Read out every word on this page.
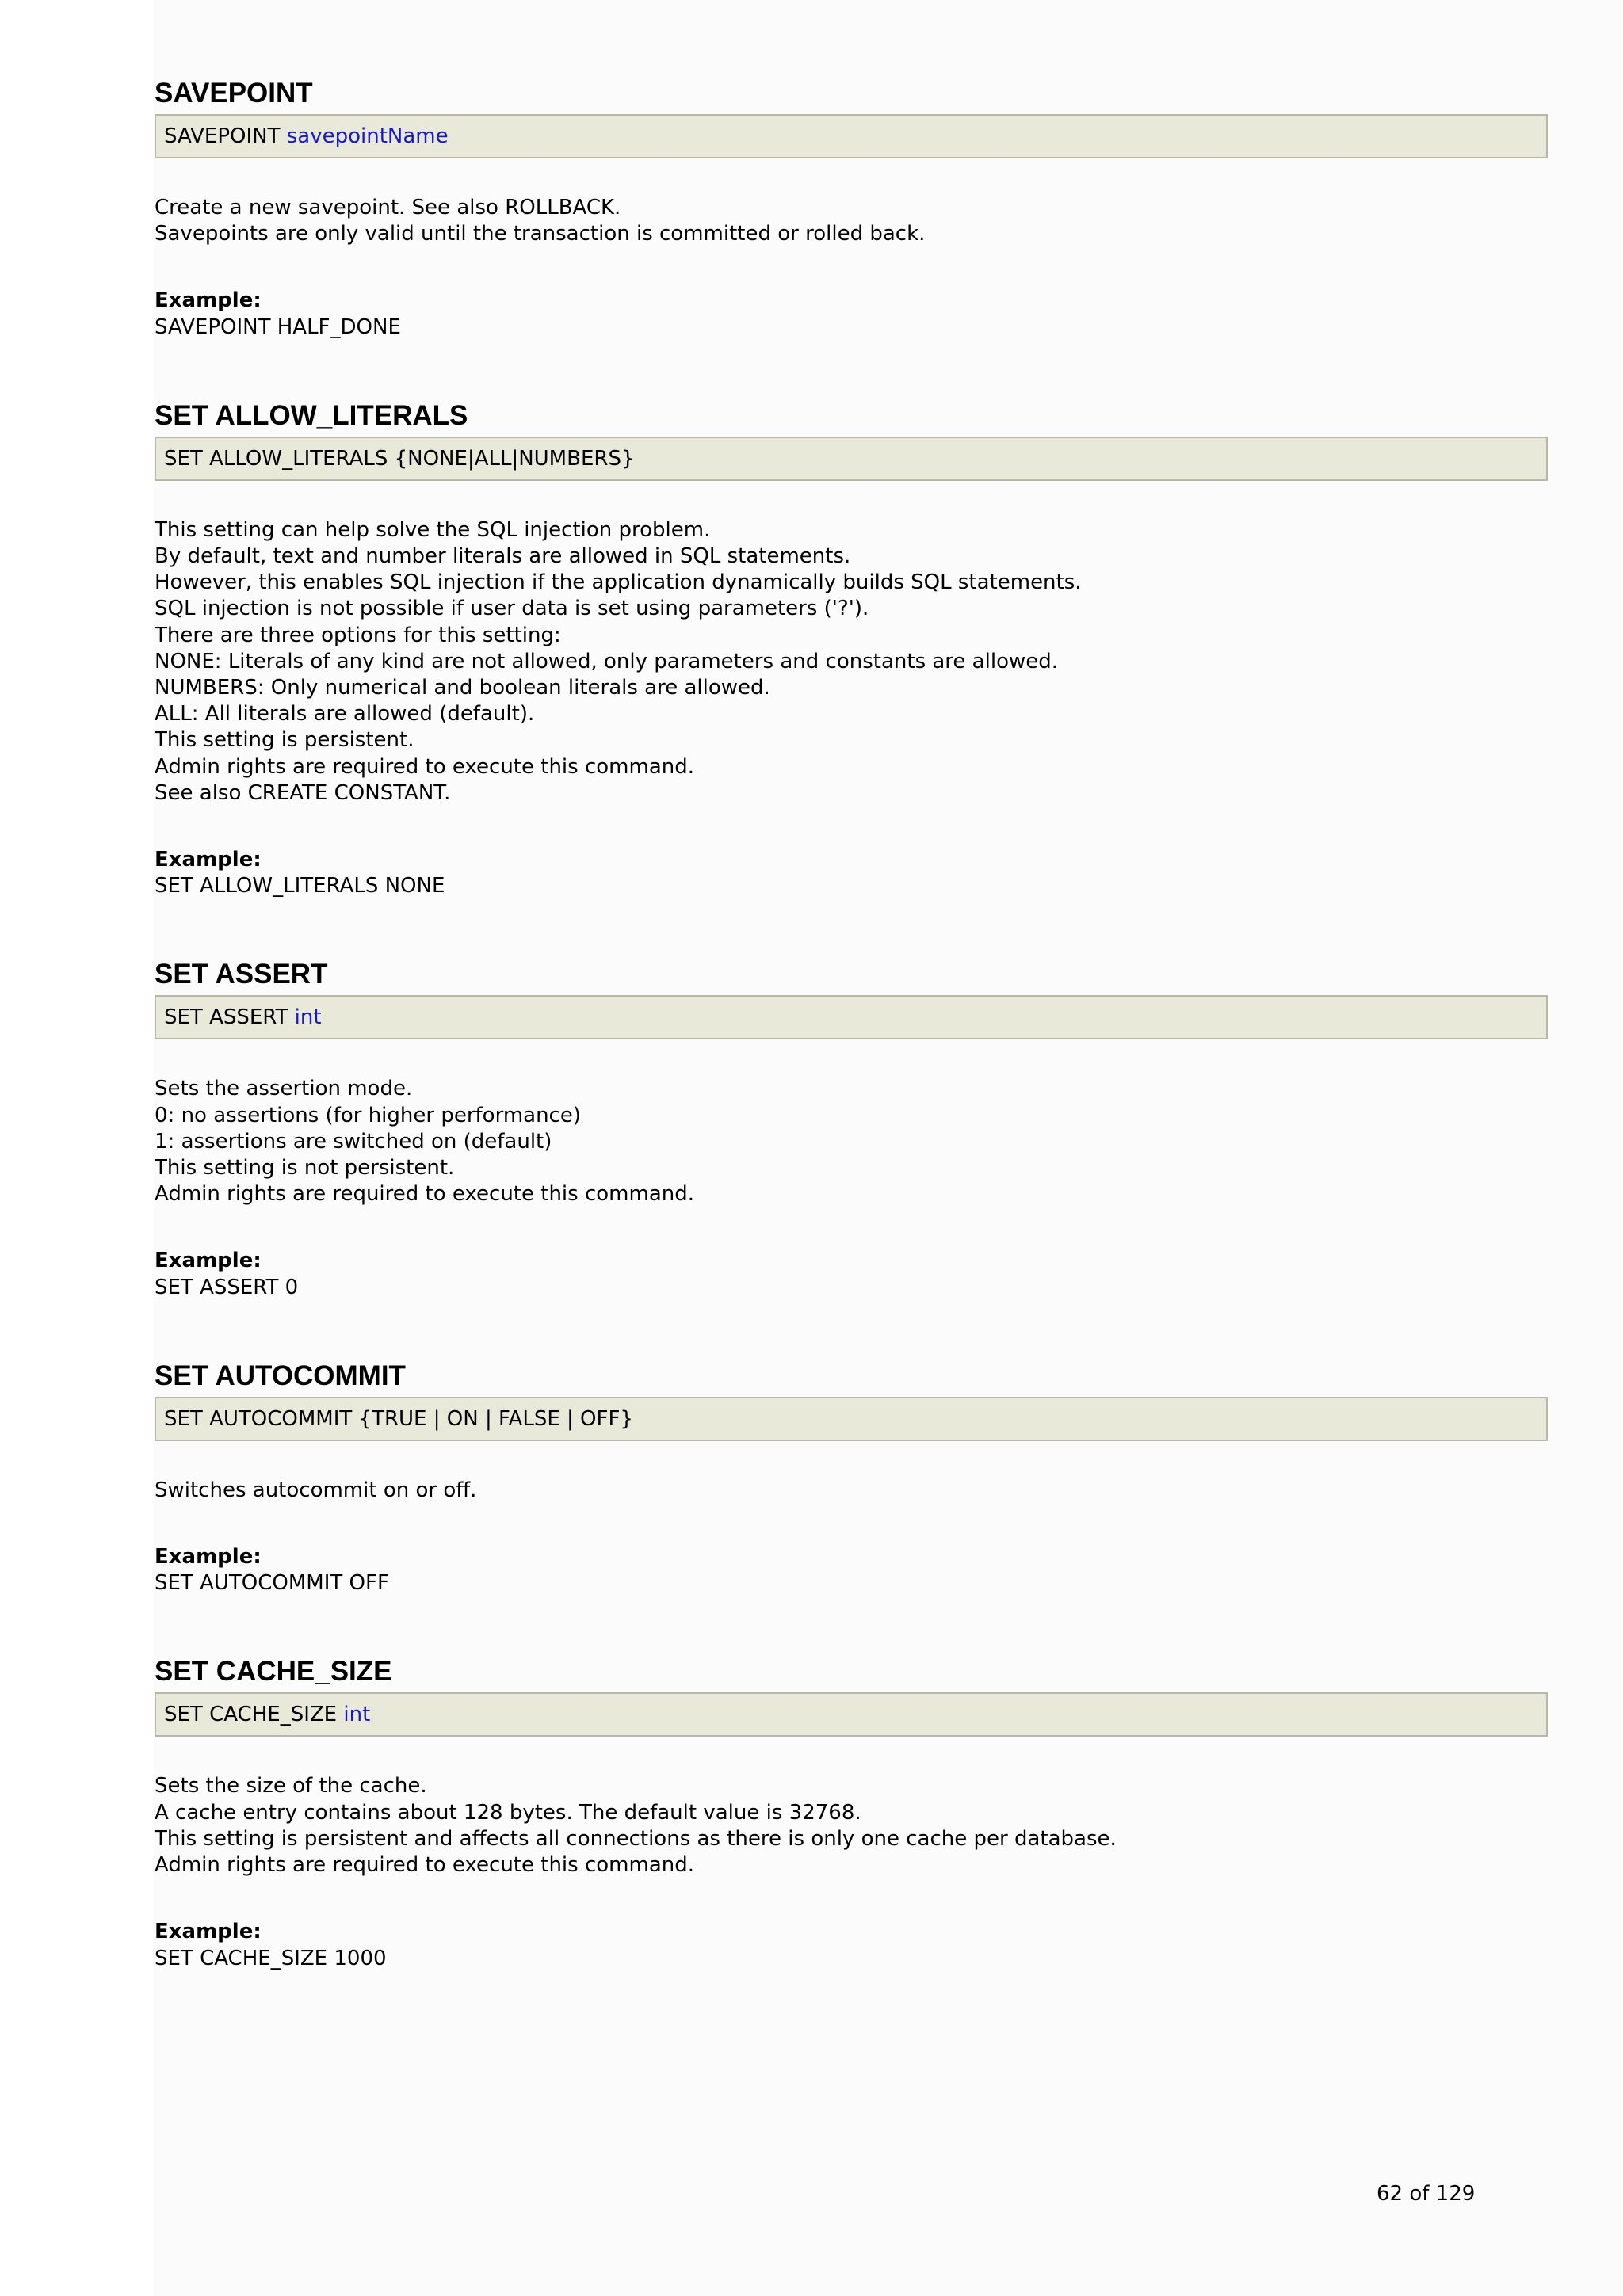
SAVEPOINT
SAVEPOINT savepointName
Create a new savepoint. See also ROLLBACK.
Savepoints are only valid until the transaction is committed or rolled back.
Example:
SAVEPOINT HALF_DONE
SET ALLOW_LITERALS
SET ALLOW_LITERALS {NONE|ALL|NUMBERS}
This setting can help solve the SQL injection problem.
By default, text and number literals are allowed in SQL statements.
However, this enables SQL injection if the application dynamically builds SQL statements.
SQL injection is not possible if user data is set using parameters ('?').
There are three options for this setting:
NONE: Literals of any kind are not allowed, only parameters and constants are allowed.
NUMBERS: Only numerical and boolean literals are allowed.
ALL: All literals are allowed (default).
This setting is persistent.
Admin rights are required to execute this command.
See also CREATE CONSTANT.
Example:
SET ALLOW_LITERALS NONE
SET ASSERT
SET ASSERT int
Sets the assertion mode.
0: no assertions (for higher performance)
1: assertions are switched on (default)
This setting is not persistent.
Admin rights are required to execute this command.
Example:
SET ASSERT 0
SET AUTOCOMMIT
SET AUTOCOMMIT {TRUE | ON | FALSE | OFF}
Switches autocommit on or off.
Example:
SET AUTOCOMMIT OFF
SET CACHE_SIZE
SET CACHE_SIZE int
Sets the size of the cache.
A cache entry contains about 128 bytes. The default value is 32768.
This setting is persistent and affects all connections as there is only one cache per database.
Admin rights are required to execute this command.
Example:
SET CACHE_SIZE 1000
62 of 129
